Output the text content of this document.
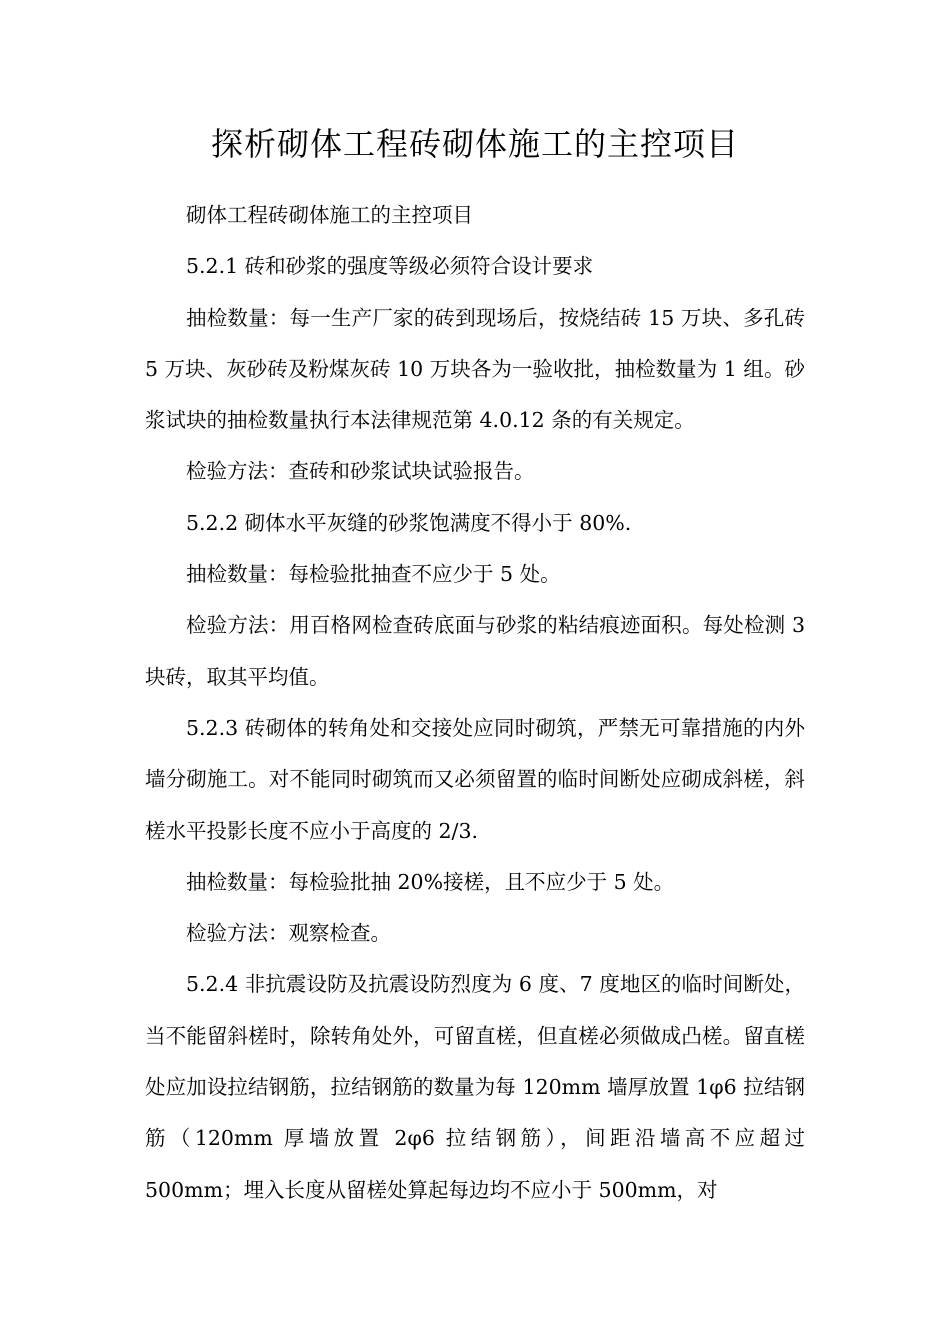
探析砌体工程砖砌体施工的主控项目

砌体工程砖砌体施工的主控项目

5.2.1 砖和砂浆的强度等级必须符合设计要求

抽检数量：每一生产厂家的砖到现场后，按烧结砖 15 万块、多孔砖 5 万块、灰砂砖及粉煤灰砖 10 万块各为一验收批，抽检数量为 1 组。砂浆试块的抽检数量执行本法律规范第 4.0.12 条的有关规定。

检验方法：查砖和砂浆试块试验报告。

5.2.2 砌体水平灰缝的砂浆饱满度不得小于 80%.

抽检数量：每检验批抽查不应少于 5 处。

检验方法：用百格网检查砖底面与砂浆的粘结痕迹面积。每处检测 3 块砖，取其平均值。

5.2.3 砖砌体的转角处和交接处应同时砌筑，严禁无可靠措施的内外墙分砌施工。对不能同时砌筑而又必须留置的临时间断处应砌成斜槎，斜槎水平投影长度不应小于高度的 2/3.

抽检数量：每检验批抽 20%接槎，且不应少于 5 处。

检验方法：观察检查。

5.2.4 非抗震设防及抗震设防烈度为 6 度、7 度地区的临时间断处，当不能留斜槎时，除转角处外，可留直槎，但直槎必须做成凸槎。留直槎处应加设拉结钢筋，拉结钢筋的数量为每 120mm 墙厚放置 1φ6 拉结钢筋（120mm 厚墙放置 2φ6 拉结钢筋），间距沿墙高不应超过 500mm；埋入长度从留槎处算起每边均不应小于 500mm，对
